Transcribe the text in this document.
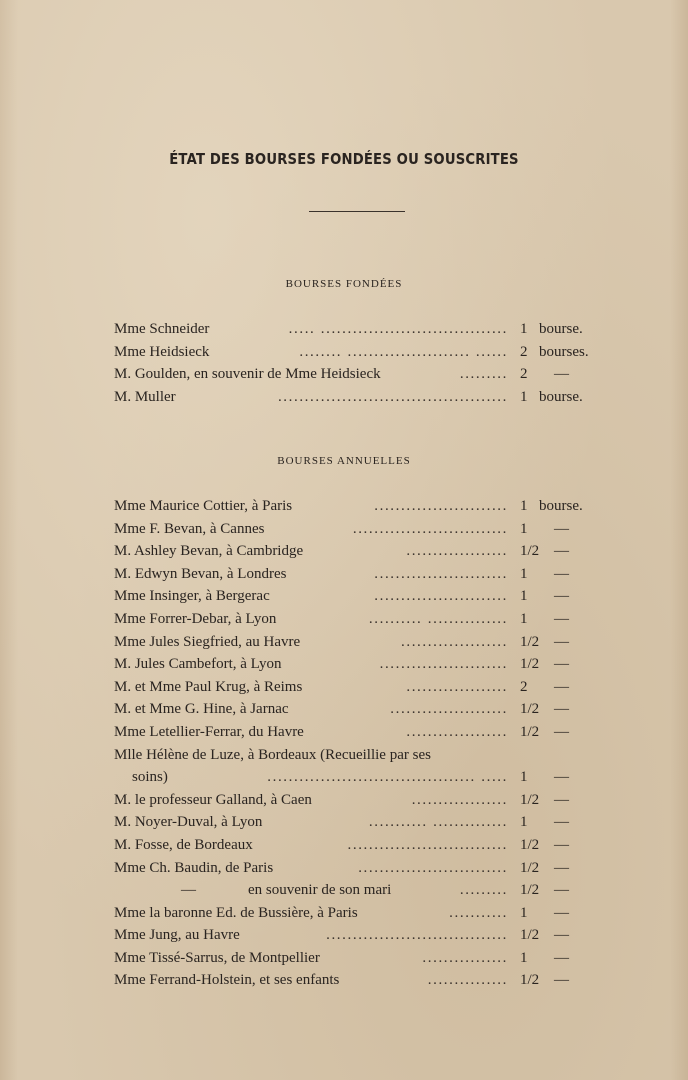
ÉTAT DES BOURSES FONDÉES OU SOUSCRITES
BOURSES FONDÉES
Mme Schneider	..... ................................... 1 bourse.
Mme Heidsieck	........ ....................... ...... 2 bourses.
M. Goulden, en souvenir de Mme Heidsieck	......... 2 —
M. Muller	........................................... 1 bourse.
BOURSES ANNUELLES
Mme Maurice Cottier, à Paris	......................... 1 bourse.
Mme F. Bevan, à Cannes	............................. 1 —
M. Ashley Bevan, à Cambridge	................... 1/2 —
M. Edwyn Bevan, à Londres	......................... 1 —
Mme Insinger, à Bergerac	......................... 1 —
Mme Forrer-Debar, à Lyon	.......... ............... 1 —
Mme Jules Siegfried, au Havre	.................... 1/2 —
M. Jules Cambefort, à Lyon	........................ 1/2 —
M. et Mme Paul Krug, à Reims	................... 2 —
M. et Mme G. Hine, à Jarnac	...................... 1/2 —
Mme Letellier-Ferrar, du Havre	................... 1/2 —
Mlle Hélène de Luze, à Bordeaux (Recueillie par ses
soins)	....................................... ..... 1 —
M. le professeur Galland, à Caen	.................. 1/2 —
M. Noyer-Duval, à Lyon	........... .............. 1 —
M. Fosse, de Bordeaux	.............................. 1/2 —
Mme Ch. Baudin, de Paris	............................ 1/2 —
—	en souvenir de son mari	......... 1/2 —
Mme la baronne Ed. de Bussière, à Paris	........... 1 —
Mme Jung, au Havre	.................................. 1/2 —
Mme Tissé-Sarrus, de Montpellier	................ 1 —
Mme Ferrand-Holstein, et ses enfants	............... 1/2 —
